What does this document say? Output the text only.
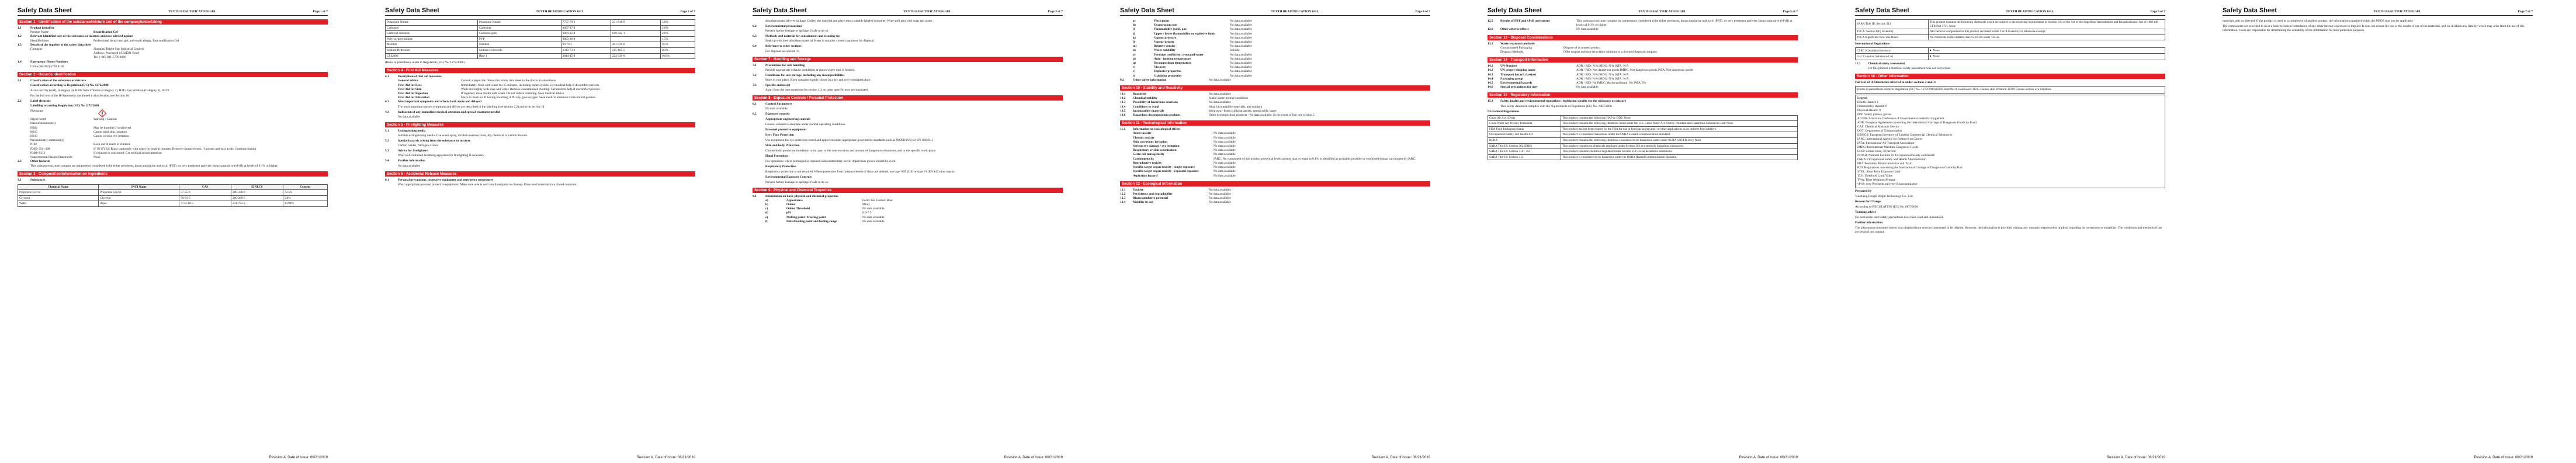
Safety Data Sheet	TEXTH BEAUTIFICATION GEL	Page 1 of 7
Section 1 - Identification of the substance/mixture and of the company/undertaking
1.1	Product identifier
Product Name	Beautification Gel
1.2	Relevant identified uses of the substance or mixture and uses advised against
Identified uses	Professional dental use, gel, anti-tooth allergy, Rejuvenification Gel
1.3	Details of the supplier of the safety data sheet
Company	Shanghai Bright Star Industrial Limited
Address: Provinced of B2D21 Road
Tel: (+86) 021-5778 4666
1.4	Emergency Phone Numbers
China (86-021) 5778 4136
Section 2 - Hazards Identification
2.1	Classification of the substance or mixture
Classification according to Regulation (EC) No. 1272/2008
Acute toxicity (oral), (Category 4), H302 Skin irritation (Category 2), H315 Eye irritation (Category 2), H319
For the full text of the H-Statements mentioned in this Section, see Section 16.
2.2	Label elements
Labelling according Regulation (EC) No 1272/2008
Pictogram
Signal word	Warning / Caution
Hazard statement(s)
H302	May be harmful if swallowed
H315	Causes mild skin irritation
H319	Causes serious eye irritation
Precautionary statement(s)
P102	Keep out of reach of children
P305+351+338	IF IN EYES: Rinse cautiously with water for several minutes. Remove contact lenses, if present and easy to do. Continue rinsing
P308+P313	If exposed or concerned: Get medical advice/attention
Supplemental Hazard Statements	None
2.3	Other hazards
This substance/mixture contains no components considered to be either persistent, bioaccumulative and toxic (PBT), or very persistent and very bioaccumulative (vPvB) at levels of 0.1% or higher.
Section 3 - Composition/information on ingredients
3.1	Substances
Chemical Name	INCI Name	CAS	EINECS	Content
Propylene Glycol	Propylene Glycol	57-55-6	200-338-0	72.5%
Glycerol	Glycerin	56-81-5	200-289-5	5.0%
Water	Aqua	7732-18-5	231-791-2	10.99%
Revision A, Date of Issue: 06/21/2019
Safety Data Sheet	TEXTH BEAUTIFICATION GEL	Page 2 of 7
Potassium Nitrate	Potassium Nitrate	7757-79-1	231-818-8	5.0%
Carbomer	Carbomer	9007-17-4		2.0%
Carboxyl cellulose	Cellulose gum	9004-32-4	618-422-1	2.0%
Polyvinylpyrrolidone	PVP	9003-39-8		1.5%
Menthol	Menthol	89-78-1	201-939-0	0.5%
Sodium Hydroxide	Sodium Hydroxide	1310-73-2	215-185-5	0.3%
CI 42090	Blue 1	3844-45-9	223-339-8	0.01%
(Items in parenthesis relate to Regulation (EC) No. 1272/2008)
Section 4 - First Aid Measures
4.1	Description of first aid measures
General advice	Consult a physician. Show this safety data sheet to the doctor in attendance.
First Aid for Eyes	Immediately flush with water for 15 minutes, including under eyelids. Get medical help if discomfort persists.
First Aid for Skin	Wash thoroughly with soap and water. Remove contaminated clothing. Get medical help if discomfort persists.
First Aid for Ingestion	If ingested, rinse mouth with water. Do not induce vomiting. Seek medical advice.
First Aid for Inhalation	Move to fresh air. If having breathing difficulty, give oxygen. Seek medical attention if discomfort persists.
4.2	Most important symptoms and effects, both acute and delayed
The most important known symptoms and effects are described in the labelling (see section 2.2) and/or in section 11.
4.3	Indication of any immediate medical attention and special treatment needed
No data available
Section 5 - Firefighting Measures
5.1	Extinguishing media
Suitable extinguishing media: Use water spray, alcohol-resistant foam, dry chemical or carbon dioxide.
5.2	Special hazards arising from the substance or mixture
Carbon oxides, Nitrogen oxides
5.3	Advice for firefighters
Wear self-contained breathing apparatus for firefighting if necessary.
5.4	Further information
No data available
Section 6 - Accidental Release Measures
6.1	Personal precautions, protective equipment and emergency procedures
Wear appropriate personal protective equipment. Make sure area is well ventilated prior to cleanup. Place used materials in a closed container.
Revision A, Date of Issue: 06/21/2019
Safety Data Sheet	TEXTH BEAUTIFICATION GEL	Page 3 of 7
absorbent material over spillage. Collect the material and place into a suitable labeled container. Wipe spill area with soap and water.
6.2	Environmental precautions
Prevent further leakage or spillage if safe to do so.
6.3	Methods and material for containment and cleaning up
Soak up with inert absorbent material. Keep in suitable, closed containers for disposal.
6.4	Reference to other sections
For disposal see section 13.
Section 7 - Handling and Storage
7.1	Precautions for safe handling
Provide appropriate exhaust ventilation at places where dust is formed.
7.2	Conditions for safe storage, including any incompatibilities
Store in cool place. Keep container tightly closed in a dry and well-ventilated place.
7.3	Specific end use(s)
Apart from the uses mentioned in section 1.2 no other specific uses are stipulated
Section 8 - Exposure Controls / Personal Protection
8.1	Control Parameters
No data available
8.2	Exposure controls
Appropriate engineering controls
General exhaust is adequate under normal operating conditions.
Personal protective equipment
Eye / Face Protection
Use equipment for eye protection tested and approved under appropriate government standards such as NIOSH (US) or EN 166(EU).
Skin and body Protection
Choose body protection in relation to its type, to the concentration and amount of dangerous substances, and to the specific work-place.
Hand Protection
For operations where prolonged or repeated skin contact may occur, impervious gloves should be worn.
Respiratory Protection
Respiratory protection is not required. Where protection from nuisance levels of dusts are desired, use type N95 (US) or type P1 (EN 143) dust masks.
Environmental Exposure Controls
Prevent further leakage or spillage if safe to do so.
Section 9 - Physical and Chemical Properties
9.1	Information on basic physical and chemical properties
a)	Appearance	Form: Gel Colour: Blue
b)	Odour	Minty
c)	Odour Threshold	No data available
d)	pH	6.0-7.5
e)	Melting point / freezing point	No data available
f)	Initial boiling point and boiling range	No data available
Revision A, Date of Issue: 06/21/2019
Safety Data Sheet	TEXTH BEAUTIFICATION GEL	Page 4 of 7
g)	Flash point	No data available
h)	Evaporation rate	No data available
i)	Flammability (solid, gas)	No data available
j)	Upper / lower flammability or explosive limits	No data available
k)	Vapour pressure	No data available
l)	Vapour density	No data available
m)	Relative density	No data available
n)	Water solubility	Soluble
o)	Partition coefficient: n-octanol/water	No data available
p)	Auto - ignition temperature	No data available
q)	Decomposition temperature	No data available
r)	Viscosity	No data available
s)	Explosive properties	No data available
t)	Oxidizing properties	No data available
9.2	Other safety information	No data available
Section 10 - Stability and Reactivity
10.1	Reactivity	No data available
10.2	Chemical stability	Stable under normal conditions
10.3	Possibility of hazardous reactions	No data available
10.4	Conditions to avoid	Heat, incompatible materials, and sunlight
10.5	Incompatible materials	Keep away from oxidizing agents, strong acids, bases
10.6	Hazardous decomposition products	Other decomposition products - No data available. In the event of fire: see section 5
Section 11 - Toxicological Information
11.1	Information on toxicological effects
Acute toxicity	No data available
Chronic toxicity	No data available
Skin corrosion / irritation	No data available
Serious eye damage / eye irritation	No data available
Respiratory or skin sensitization	No data available
Germ cell mutagenicity	No data available
Carcinogenicity	IARC: No component of this product present at levels greater than or equal to 0.1% is identified as probable, possible or confirmed human carcinogen by IARC.
Reproductive toxicity	No data available
Specific target organ toxicity - single exposure	No data available
Specific target organ toxicity - repeated exposure	No data available
Aspiration hazard	No data available
Section 12 - Ecological Information
12.1	Toxicity	No data available
12.2	Persistence and degradability	No data available
12.3	Bioaccumulative potential	No data available
12.4	Mobility in soil	No data available
Revision A, Date of Issue: 06/21/2019
Safety Data Sheet	TEXTH BEAUTIFICATION GEL	Page 5 of 7
12.5	Results of PBT and vPvB assessment	This substance/mixture contains no components considered to be either persistent, bioaccumulative and toxic (PBT), or very persistent and very bioaccumulative (vPvB) at levels of 0.1% or higher.
12.6	Other adverse effects	No data available
Section 13 - Disposal Considerations
13.1	Waste treatment methods
Contaminated Packaging	Dispose of as unused product
Disposal Methods	Offer surplus and non-recyclable solutions to a licensed disposal company.
Section 14 - Transport Information
14.1	UN-Number	ADR / RID: N/A IMDG: N/A IATA: N/A
14.2	UN proper shipping name	ADR / RID: Not dangerous goods IMDG: Not dangerous goods IATA: Not dangerous goods
14.3	Transport hazard class(es)	ADR / RID: N/A IMDG: N/A IATA: N/A
14.4	Packaging group	ADR / RID: N/A IMDG: N/A IATA: N/A
14.5	Environmental hazards	ADR / RID: No IMDG Marine pollutant: No IATA: No
14.6	Special precautions for user	No data available
Section 15 - Regulatory Information
15.1	Safety, health and environmental regulations / legislation specific for the substance or mixture
This safety datasheet complies with the requirements of Regulation (EC) No. 1907/2006.
US Federal Regulations
Clean Air Act (CAA)	This product contains the following HAP or ODS: None
Clean Water Act Priority Pollutants	This product contains the following chemicals listed under the U.S. Clean Water Act Priority Pollutant and Hazardous Substances List: None
FDA Food Packaging Status	This product has not been cleared by the FDA for use in food packaging and / or other applications as an indirect food additive.
Occupational Safety and Health Act	This product is considered hazardous under the OSHA Hazard Communication Standard.
RCRA	This product contains the following chemicals considered to be hazardous waste under RCRA (40CFR 261): None
SARA Title III: Section 302 (EHS)	This product contains no chemicals regulated under Section 302 as extremely hazardous substances.
SARA Title III: Section 311 / 312	This product contains chemicals regulated under Section 311/312 as hazardous substances.
SARA Title III: Section 313	This product is considered to be hazardous under the OSHA Hazard Communication Standard.
Revision A, Date of Issue: 06/21/2019
Safety Data Sheet	TEXTH BEAUTIFICATION GEL	Page 6 of 7
SARA Title III: Section 313	This product contains the following chemicals which are subject to the reporting requirements of Section 313 of the Act of the Superfund Amendments and Reauthorization Act of 1986 (40 CFR Part 372): None
TSCA: Section 8(b) Inventory	All chemical components in this product are listed on the TSCA inventory or otherwise exempt.
TSCA Significant New Use Rules	No chemicals in this material have a SNUR under TSCA.
International Regulations
CSRC (Canadian Inventory)	■ None
List: Canadian Substance List	■ None
15.2	Chemical safety assessment
For this product a chemical safety assessment was not carried out.
Section 16 - Other Information
Full text of H-Statements referred to under sections 2 and 3:
(Items in parenthesis relate to Regulation (EC) No. 1272/2008) H302 Harmful if swallowed. H315 Causes skin irritation. H319 Causes serious eye irritation.
Legend
Health Hazard: 1
Flammability Hazard: 0
Physical Hazard: 0
PPE: Safety glasses, gloves
ACGIH: American Conference of Governmental Industrial Hygienists
ADR: European Agreement concerning the International Carriage of Dangerous Goods by Road
CAS: Chemical Abstracts Service
DOT: Department of Transportation
EINECS: European Inventory of Existing Commercial Chemical Substances
IARC: International Agency for Research on Cancer
IATA: International Air Transport Association
IMDG: International Maritime Dangerous Goods
LD50: Lethal Dose, 50 percent
NIOSH: National Institute for Occupational Safety and Health
OSHA: Occupational Safety and Health Administration
PBT: Persistent, Bioaccumulative and Toxic
RID: Regulations concerning the International Carriage of Dangerous Goods by Rail
STEL: Short Term Exposure Limit
TLV: Threshold Limit Value
TWA: Time Weighted Average
vPvB: very Persistent and very Bioaccumulative
Prepared by
Yuncheng Hengli Bright Technology Co., Ltd.
Reason for Change
According to REGULATION (EC) No 1907/2006
Training advice
Do not handle until safety precautions have been read and understood.
Further information
The information presented herein was obtained from sources considered to be reliable. However, the information is provided without any warranty, expressed or implied, regarding its correctness or suitability. The conditions and methods of use are beyond our control.
Revision A, Date of Issue: 06/21/2019
Safety Data Sheet	TEXTH BEAUTIFICATION GEL	Page 7 of 7
materials only as directed. If the product is used as a component of another product, the information contained within the MSDS may not be applicable.
The components are provided to us in a basic technical formulation of any other interest expressed or implied. It does not ensure the use or the results of use of the materials, and we disclaim any liability which may arise from the use of this information. Users are responsible for determining the suitability of the information for their particular purposes.
Revision A, Date of Issue: 06/21/2019
